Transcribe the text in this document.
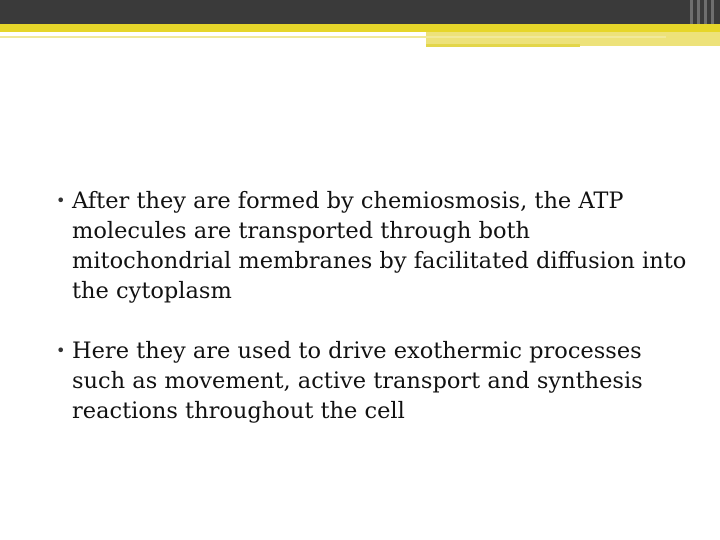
• After they are formed by chemiosmosis, the ATP molecules are transported through both mitochondrial membranes by facilitated diffusion into the cytoplasm
• Here they are used to drive exothermic processes such as movement, active transport and synthesis reactions throughout the cell
